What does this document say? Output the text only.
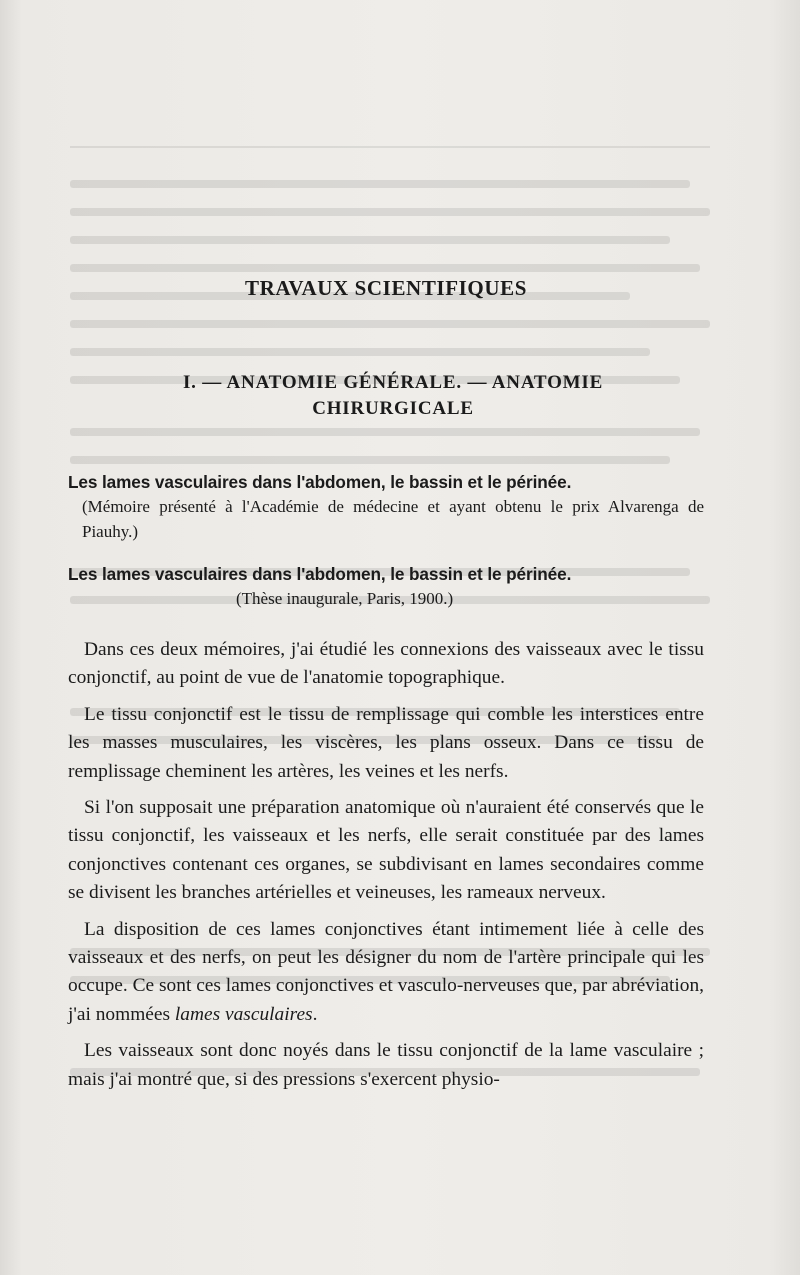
TRAVAUX SCIENTIFIQUES
I. — ANATOMIE GÉNÉRALE. — ANATOMIE CHIRURGICALE
Les lames vasculaires dans l'abdomen, le bassin et le périnée.
(Mémoire présenté à l'Académie de médecine et ayant obtenu le prix Alvarenga de Piauhy.)
Les lames vasculaires dans l'abdomen, le bassin et le périnée.
(Thèse inaugurale, Paris, 1900.)

Dans ces deux mémoires, j'ai étudié les connexions des vaisseaux avec le tissu conjonctif, au point de vue de l'anatomie topographique.

Le tissu conjonctif est le tissu de remplissage qui comble les interstices entre les masses musculaires, les viscères, les plans osseux. Dans ce tissu de remplissage cheminent les artères, les veines et les nerfs.

Si l'on supposait une préparation anatomique où n'auraient été conservés que le tissu conjonctif, les vaisseaux et les nerfs, elle serait constituée par des lames conjonctives contenant ces organes, se subdivisant en lames secondaires comme se divisent les branches artérielles et veineuses, les rameaux nerveux.

La disposition de ces lames conjonctives étant intimement liée à celle des vaisseaux et des nerfs, on peut les désigner du nom de l'artère principale qui les occupe. Ce sont ces lames conjonctives et vasculo-nerveuses que, par abréviation, j'ai nommées lames vasculaires.

Les vaisseaux sont donc noyés dans le tissu conjonctif de la lame vasculaire ; mais j'ai montré que, si des pressions s'exercent physio-
